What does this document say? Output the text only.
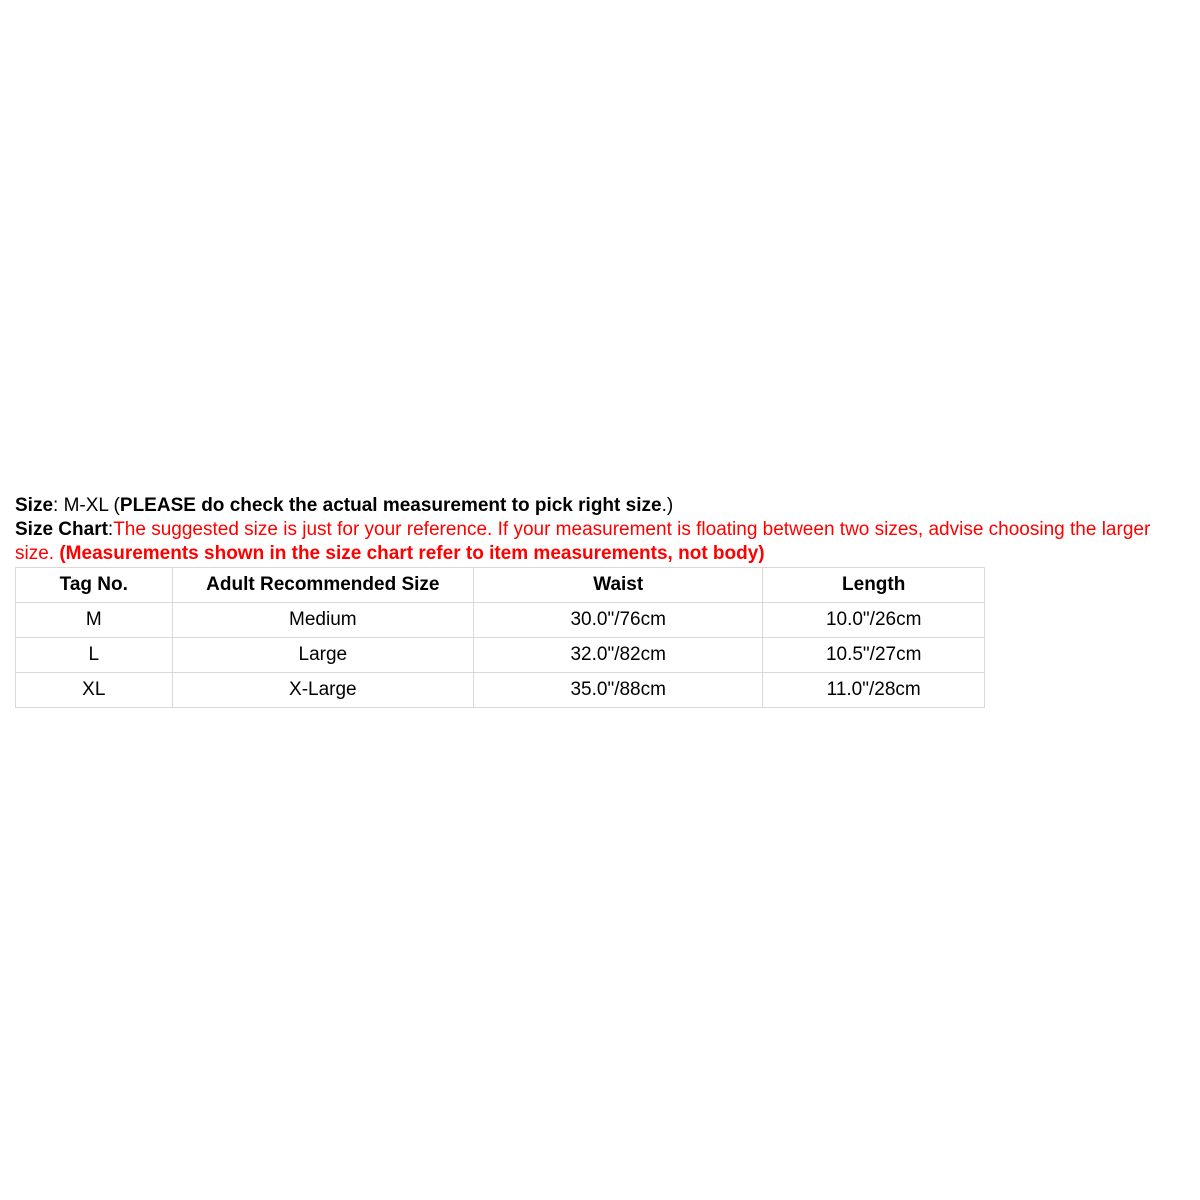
Size: M-XL (PLEASE do check the actual measurement to pick right size.)
Size Chart:The suggested size is just for your reference. If your measurement is floating between two sizes, advise choosing the larger size. (Measurements shown in the size chart refer to item measurements, not body)
Tag No.	Adult Recommended Size	Waist	Length
M	Medium	30.0"/76cm	10.0"/26cm
L	Large	32.0"/82cm	10.5"/27cm
XL	X-Large	35.0"/88cm	11.0"/28cm
